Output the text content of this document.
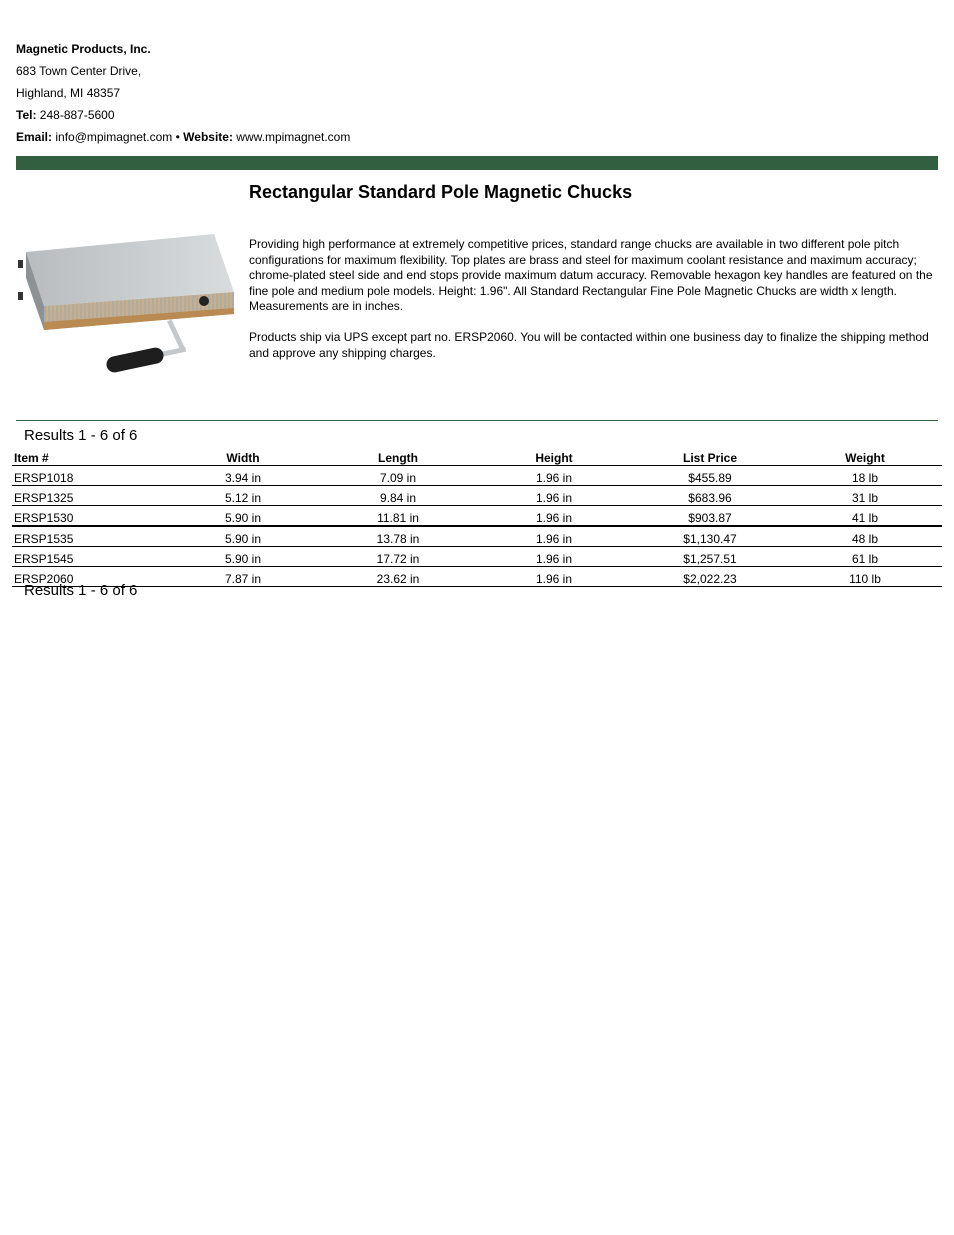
Magnetic Products, Inc.
683 Town Center Drive,
Highland, MI 48357
Tel: 248-887-5600
Email: info@mpimagnet.com • Website: www.mpimagnet.com
Rectangular Standard Pole Magnetic Chucks

Providing high performance at extremely competitive prices, standard range chucks are available in two different pole pitch configurations for maximum flexibility. Top plates are brass and steel for maximum coolant resistance and maximum accuracy; chrome-plated steel side and end stops provide maximum datum accuracy. Removable hexagon key handles are featured on the fine pole and medium pole models. Height: 1.96". All Standard Rectangular Fine Pole Magnetic Chucks are width x length. Measurements are in inches.

Products ship via UPS except part no. ERSP2060. You will be contacted within one business day to finalize the shipping method and approve any shipping charges.

Results 1 - 6 of 6
Item #	Width	Length	Height	List Price	Weight
ERSP1018	3.94 in	7.09 in	1.96 in	$455.89	18 lb
ERSP1325	5.12 in	9.84 in	1.96 in	$683.96	31 lb
ERSP1530	5.90 in	11.81 in	1.96 in	$903.87	41 lb
ERSP1535	5.90 in	13.78 in	1.96 in	$1,130.47	48 lb
ERSP1545	5.90 in	17.72 in	1.96 in	$1,257.51	61 lb
ERSP2060	7.87 in	23.62 in	1.96 in	$2,022.23	110 lb
Results 1 - 6 of 6
